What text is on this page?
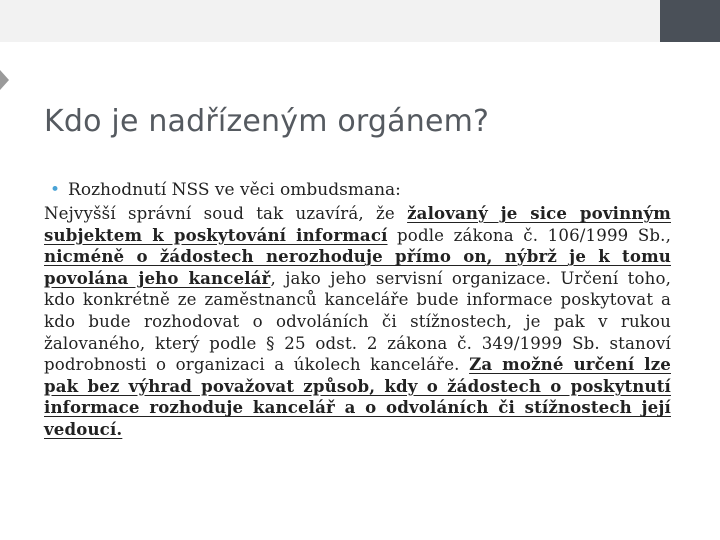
Kdo je nadřízeným orgánem?
• Rozhodnutí NSS ve věci ombudsmana:

Nejvyšší správní soud tak uzavírá, že žalovaný je sice povinným subjektem k poskytování informací podle zákona č. 106/1999 Sb., nicméně o žádostech nerozhoduje přímo on, nýbrž je k tomu povolána jeho kancelář, jako jeho servisní organizace. Určení toho, kdo konkrétně ze zaměstnanců kanceláře bude informace poskytovat a kdo bude rozhodovat o odvoláních či stížnostech, je pak v rukou žalovaného, který podle § 25 odst. 2 zákona č. 349/1999 Sb. stanoví podrobnosti o organizaci a úkolech kanceláře. Za možné určení lze pak bez výhrad považovat způsob, kdy o žádostech o poskytnutí informace rozhoduje kancelář a o odvoláních či stížnostech její vedoucí.
